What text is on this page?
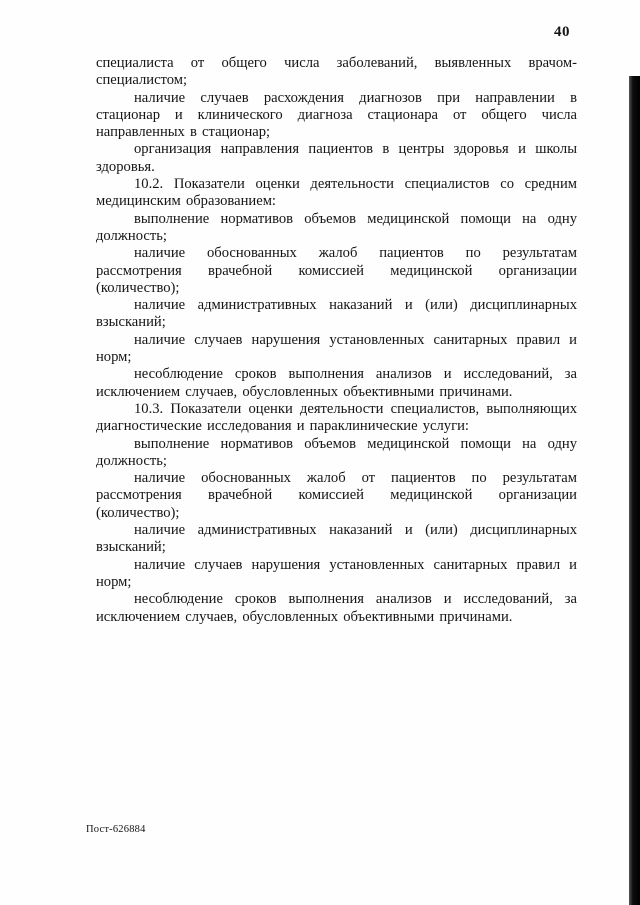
40

специалиста от общего числа заболеваний, выявленных врачом-специалистом;

наличие случаев расхождения диагнозов при направлении в стационар и клинического диагноза стационара от общего числа направленных в стационар;

организация направления пациентов в центры здоровья и школы здоровья.

10.2. Показатели оценки деятельности специалистов со средним медицинским образованием:

выполнение нормативов объемов медицинской помощи на одну должность;

наличие обоснованных жалоб пациентов по результатам рассмотрения врачебной комиссией медицинской организации (количество);

наличие административных наказаний и (или) дисциплинарных взысканий;

наличие случаев нарушения установленных санитарных правил и норм;

несоблюдение сроков выполнения анализов и исследований, за исключением случаев, обусловленных объективными причинами.

10.3. Показатели оценки деятельности специалистов, выполняющих диагностические исследования и параклинические услуги:

выполнение нормативов объемов медицинской помощи на одну должность;

наличие обоснованных жалоб от пациентов по результатам рассмотрения врачебной комиссией медицинской организации (количество);

наличие административных наказаний и (или) дисциплинарных взысканий;

наличие случаев нарушения установленных санитарных правил и норм;

несоблюдение сроков выполнения анализов и исследований, за исключением случаев, обусловленных объективными причинами.

Пост-626884
